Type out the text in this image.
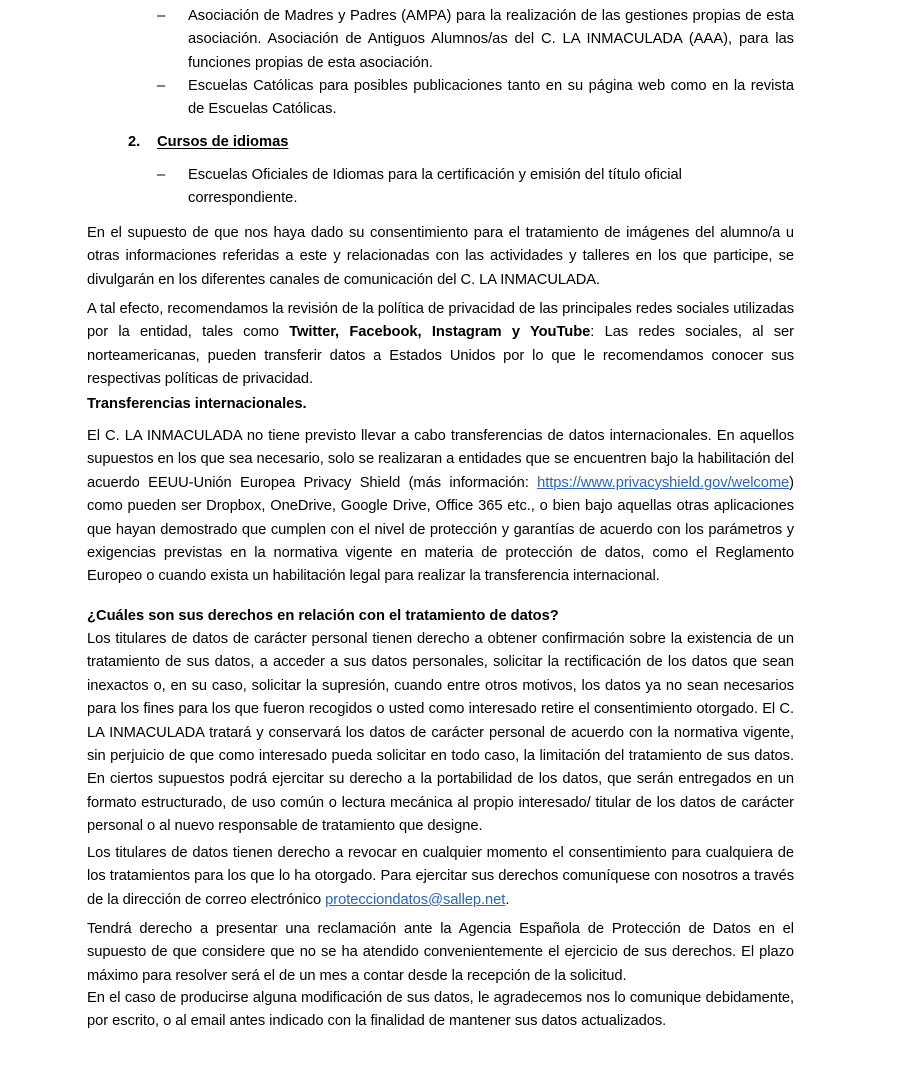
–	Asociación de Madres y Padres (AMPA) para la realización de las gestiones propias de esta asociación. Asociación de Antiguos Alumnos/as del C. LA INMACULADA (AAA), para las funciones propias de esta asociación.
–	Escuelas Católicas para posibles publicaciones tanto en su página web como en la revista de Escuelas Católicas.
2. Cursos de idiomas
–	Escuelas Oficiales de Idiomas para la certificación y emisión del título oficial correspondiente.
En el supuesto de que nos haya dado su consentimiento para el tratamiento de imágenes del alumno/a u otras informaciones referidas a este y relacionadas con las actividades y talleres en los que participe, se divulgarán en los diferentes canales de comunicación del C. LA INMACULADA.
A tal efecto, recomendamos la revisión de la política de privacidad de las principales redes sociales utilizadas por la entidad, tales como Twitter, Facebook, Instagram y YouTube: Las redes sociales, al ser norteamericanas, pueden transferir datos a Estados Unidos por lo que le recomendamos conocer sus respectivas políticas de privacidad.
Transferencias internacionales.
El C. LA INMACULADA no tiene previsto llevar a cabo transferencias de datos internacionales. En aquellos supuestos en los que sea necesario, solo se realizaran a entidades que se encuentren bajo la habilitación del acuerdo EEUU-Unión Europea Privacy Shield (más información: https://www.privacyshield.gov/welcome) como pueden ser Dropbox, OneDrive, Google Drive, Office 365 etc., o bien bajo aquellas otras aplicaciones que hayan demostrado que cumplen con el nivel de protección y garantías de acuerdo con los parámetros y exigencias previstas en la normativa vigente en materia de protección de datos, como el Reglamento Europeo o cuando exista un habilitación legal para realizar la transferencia internacional.
¿Cuáles son sus derechos en relación con el tratamiento de datos?
Los titulares de datos de carácter personal tienen derecho a obtener confirmación sobre la existencia de un tratamiento de sus datos, a acceder a sus datos personales, solicitar la rectificación de los datos que sean inexactos o, en su caso, solicitar la supresión, cuando entre otros motivos, los datos ya no sean necesarios para los fines para los que fueron recogidos o usted como interesado retire el consentimiento otorgado. El C. LA INMACULADA tratará y conservará los datos de carácter personal de acuerdo con la normativa vigente, sin perjuicio de que como interesado pueda solicitar en todo caso, la limitación del tratamiento de sus datos. En ciertos supuestos podrá ejercitar su derecho a la portabilidad de los datos, que serán entregados en un formato estructurado, de uso común o lectura mecánica al propio interesado/ titular de los datos de carácter personal o al nuevo responsable de tratamiento que designe.
Los titulares de datos tienen derecho a revocar en cualquier momento el consentimiento para cualquiera de los tratamientos para los que lo ha otorgado. Para ejercitar sus derechos comuníquese con nosotros a través de la dirección de correo electrónico protecciondatos@sallep.net.
Tendrá derecho a presentar una reclamación ante la Agencia Española de Protección de Datos en el supuesto de que considere que no se ha atendido convenientemente el ejercicio de sus derechos. El plazo máximo para resolver será el de un mes a contar desde la recepción de la solicitud.
En el caso de producirse alguna modificación de sus datos, le agradecemos nos lo comunique debidamente, por escrito, o al email antes indicado con la finalidad de mantener sus datos actualizados.
